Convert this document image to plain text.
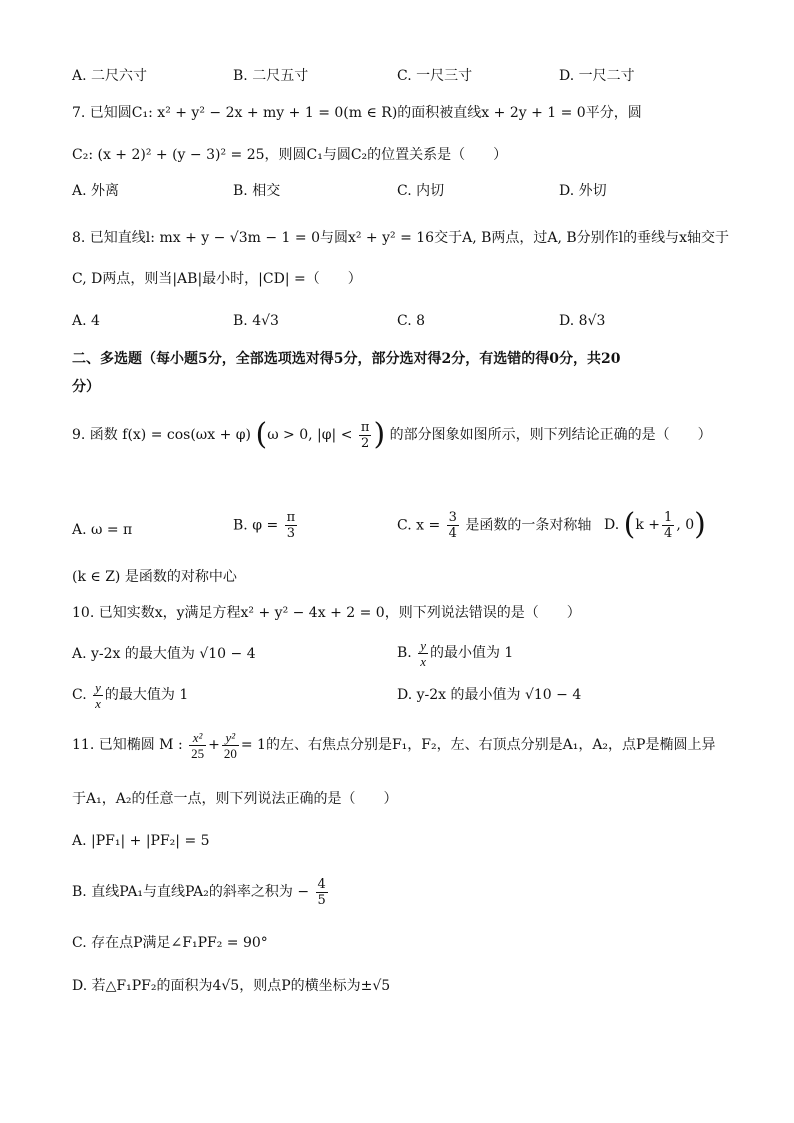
A. 二尺六寸	B. 二尺五寸	C. 一尺三寸	D. 一尺二寸
7. 已知圆C₁: x² + y² − 2x + my + 1 = 0(m ∈ R)的面积被直线x + 2y + 1 = 0平分，圆
C₂: (x + 2)² + (y − 3)² = 25，则圆C₁与圆C₂的位置关系是（　　）
A. 外离	B. 相交	C. 内切	D. 外切
8. 已知直线l: mx + y − √3m − 1 = 0与圆x² + y² = 16交于A, B两点，过A, B分别作l的垂线与x轴交于
C, D两点，则当|AB|最小时，|CD| =（　　）
A. 4	B. 4√3	C. 8	D. 8√3
二、多选题（每小题5分，全部选项选对得5分，部分选对得2分，有选错的得0分，共20
分）
9. 函数 f(x) = cos(ωx + φ) (ω > 0, $|\varphi| < \frac{\pi}{2}$ ) 的部分图象如图所示，则下列结论正确的是（　　）
A. ω = π	B. $\varphi = \frac{\pi}{3}$	C. $x = \frac{3}{4}$ 是函数的一条对称轴 D. ($k + \frac{1}{4}$ , 0)
(k ∈ Z) 是函数的对称中心
10. 已知实数x，y满足方程x² + y² − 4x + 2 = 0，则下列说法错误的是（　　）
A. y-2x 的最大值为 √10 − 4	B. $\frac{y}{x}$ 的最小值为 1
C. $\frac{y}{x}$ 的最大值为 1	D. y-2x 的最小值为 √10 − 4
11. 已知椭圆 M : $\frac{\text{x²}}{25} + \frac{\text{y²}}{20} = 1$的左、右焦点分别是F₁，F₂，左、右顶点分别是A₁，A₂，点P是椭圆上异
于A₁，A₂的任意一点，则下列说法正确的是（　　）
A. |PF₁| + |PF₂| = 5
B. 直线PA₁与直线PA₂的斜率之积为 − $\frac{4}{5}$
C. 存在点P满足∠F₁PF₂ = 90°
D. 若△F₁PF₂的面积为4√5，则点P的横坐标为±√5
